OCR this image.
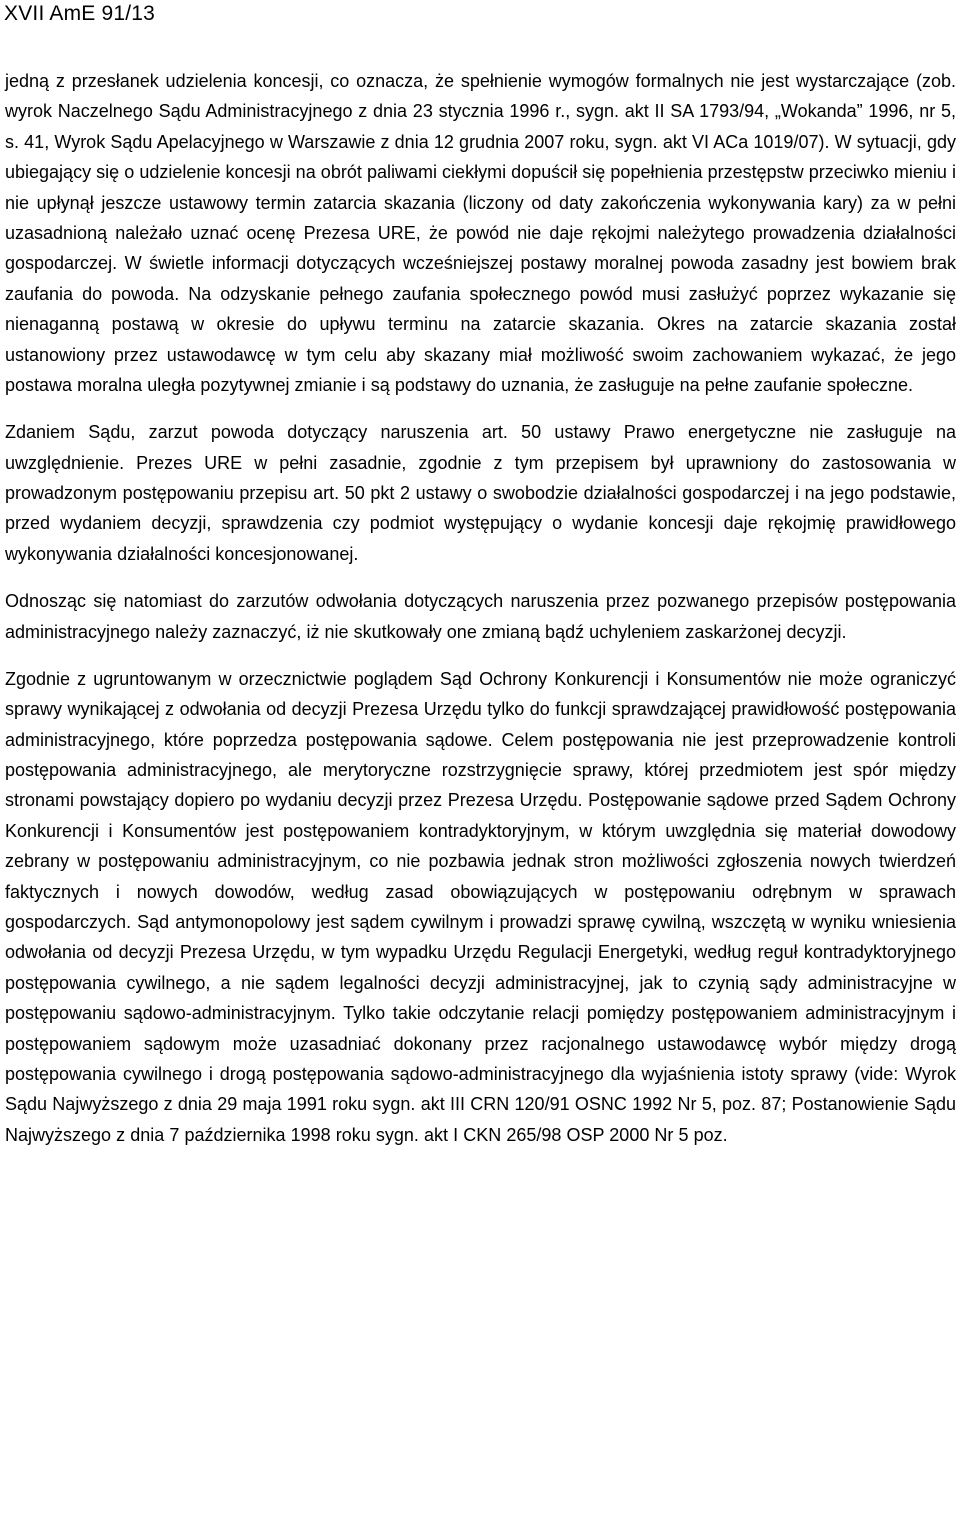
XVII AmE 91/13

jedną z przesłanek udzielenia koncesji, co oznacza, że spełnienie wymogów formalnych nie jest wystarczające (zob. wyrok Naczelnego Sądu Administracyjnego z dnia 23 stycznia 1996 r., sygn. akt II SA 1793/94, „Wokanda” 1996, nr 5, s. 41, Wyrok Sądu Apelacyjnego w Warszawie z dnia 12 grudnia 2007 roku, sygn. akt VI ACa 1019/07). W sytuacji, gdy ubiegający się o udzielenie koncesji na obrót paliwami ciekłymi dopuścił się popełnienia przestępstw przeciwko mieniu i nie upłynął jeszcze ustawowy termin zatarcia skazania (liczony od daty zakończenia wykonywania kary) za w pełni uzasadnioną należało uznać ocenę Prezesa URE, że powód nie daje rękojmi należytego prowadzenia działalności gospodarczej. W świetle informacji dotyczących wcześniejszej postawy moralnej powoda zasadny jest bowiem brak zaufania do powoda. Na odzyskanie pełnego zaufania społecznego powód musi zasłużyć poprzez wykazanie się nienaganną postawą w okresie do upływu terminu na zatarcie skazania. Okres na zatarcie skazania został ustanowiony przez ustawodawcę w tym celu aby skazany miał możliwość swoim zachowaniem wykazać, że jego postawa moralna uległa pozytywnej zmianie i są podstawy do uznania, że zasługuje na pełne zaufanie społeczne.

Zdaniem Sądu, zarzut powoda dotyczący naruszenia art. 50 ustawy Prawo energetyczne nie zasługuje na uwzględnienie. Prezes URE w pełni zasadnie, zgodnie z tym przepisem był uprawniony do zastosowania w prowadzonym postępowaniu przepisu art. 50 pkt 2 ustawy o swobodzie działalności gospodarczej i na jego podstawie, przed wydaniem decyzji, sprawdzenia czy podmiot występujący o wydanie koncesji daje rękojmię prawidłowego wykonywania działalności koncesjonowanej.

Odnosząc się natomiast do zarzutów odwołania dotyczących naruszenia przez pozwanego przepisów postępowania administracyjnego należy zaznaczyć, iż nie skutkowały one zmianą bądź uchyleniem zaskarżonej decyzji.

Zgodnie z ugruntowanym w orzecznictwie poglądem Sąd Ochrony Konkurencji i Konsumentów nie może ograniczyć sprawy wynikającej z odwołania od decyzji Prezesa Urzędu tylko do funkcji sprawdzającej prawidłowość postępowania administracyjnego, które poprzedza postępowania sądowe. Celem postępowania nie jest przeprowadzenie kontroli postępowania administracyjnego, ale merytoryczne rozstrzygnięcie sprawy, której przedmiotem jest spór między stronami powstający dopiero po wydaniu decyzji przez Prezesa Urzędu. Postępowanie sądowe przed Sądem Ochrony Konkurencji i Konsumentów jest postępowaniem kontradyktoryjnym, w którym uwzględnia się materiał dowodowy zebrany w postępowaniu administracyjnym, co nie pozbawia jednak stron możliwości zgłoszenia nowych twierdzeń faktycznych i nowych dowodów, według zasad obowiązujących w postępowaniu odrębnym w sprawach gospodarczych. Sąd antymonopolowy jest sądem cywilnym i prowadzi sprawę cywilną, wszczętą w wyniku wniesienia odwołania od decyzji Prezesa Urzędu, w tym wypadku Urzędu Regulacji Energetyki, według reguł kontradyktoryjnego postępowania cywilnego, a nie sądem legalności decyzji administracyjnej, jak to czynią sądy administracyjne w postępowaniu sądowo-administracyjnym. Tylko takie odczytanie relacji pomiędzy postępowaniem administracyjnym i postępowaniem sądowym może uzasadniać dokonany przez racjonalnego ustawodawcę wybór między drogą postępowania cywilnego i drogą postępowania sądowo-administracyjnego dla wyjaśnienia istoty sprawy (vide: Wyrok Sądu Najwyższego z dnia 29 maja 1991 roku sygn. akt III CRN 120/91 OSNC 1992 Nr 5, poz. 87; Postanowienie Sądu Najwyższego z dnia 7 października 1998 roku sygn. akt I CKN 265/98 OSP 2000 Nr 5 poz.
